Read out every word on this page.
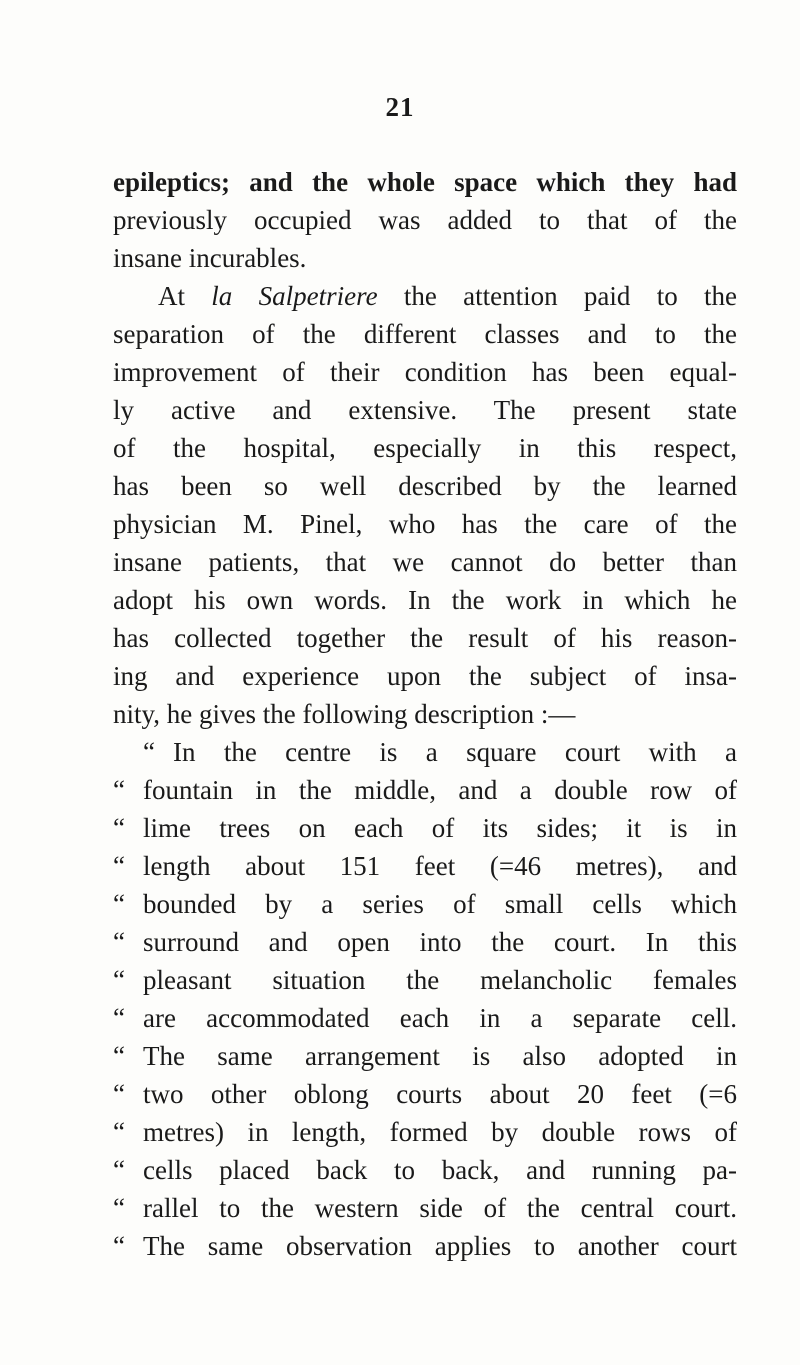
21
epileptics; and the whole space which they had
previously occupied was added to that of the
insane incurables.
At la Salpetriere the attention paid to the
separation of the different classes and to the
improvement of their condition has been equal-
ly active and extensive. The present state
of the hospital, especially in this respect,
has been so well described by the learned
physician M. Pinel, who has the care of the
insane patients, that we cannot do better than
adopt his own words. In the work in which he
has collected together the result of his reason-
ing and experience upon the subject of insa-
nity, he gives the following description :—
“ In the centre is a square court with a
“ fountain in the middle, and a double row of
“ lime trees on each of its sides; it is in
“ length about 151 feet (=46 metres), and
“ bounded by a series of small cells which
“ surround and open into the court. In this
“ pleasant situation the melancholic females
“ are accommodated each in a separate cell.
“ The same arrangement is also adopted in
“ two other oblong courts about 20 feet (=6
“ metres) in length, formed by double rows of
“ cells placed back to back, and running pa-
“ rallel to the western side of the central court.
“ The same observation applies to another court
